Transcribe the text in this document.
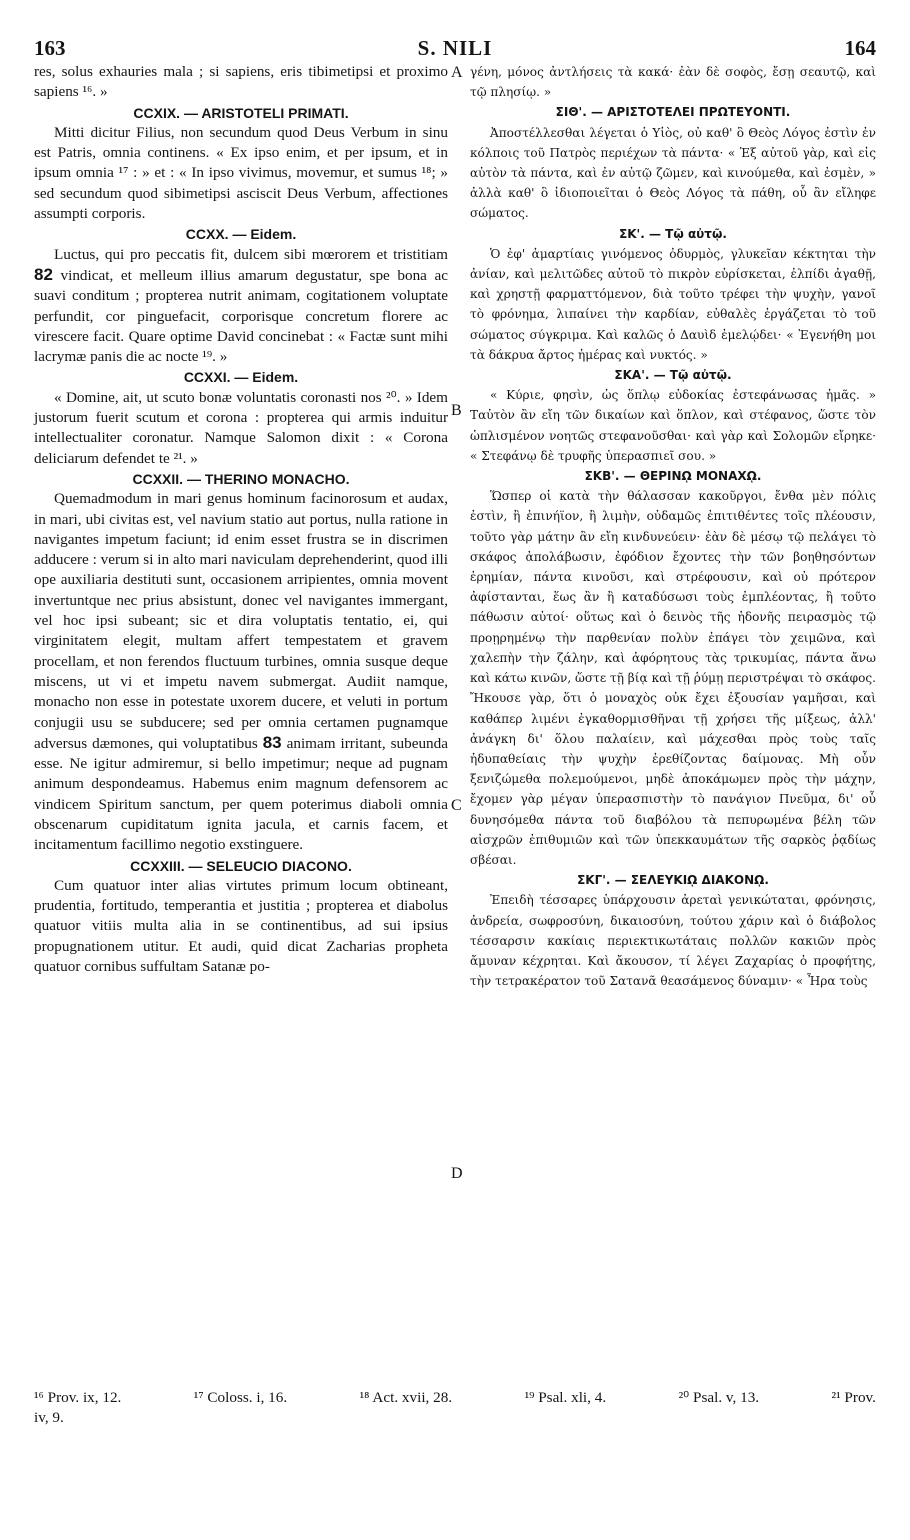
163	S. NILI	164

res, solus exhauries mala ; si sapiens, eris tibimetipsi et proximo sapiens ¹⁶. »

CCXIX. — ARISTOTELI PRIMATI.

Mitti dicitur Filius, non secundum quod Deus Verbum in sinu est Patris, omnia continens. « Ex ipso enim, et per ipsum, et in ipsum omnia ¹⁷ : » et : « In ipso vivimus, movemur, et sumus ¹⁸; » sed secundum quod sibimetipsi asciscit Deus Verbum, affectiones assumpti corporis.

CCXX. — Eidem.

Luctus, qui pro peccatis fit, dulcem sibi mœrorem et tristitiam 82 vindicat, et melleum illius amarum degustatur, spe bona ac suavi conditum ; propterea nutrit animam, cogitationem voluptate perfundit, cor pinguefacit, corporisque concretum florere ac virescere facit. Quare optime David concinebat : « Factæ sunt mihi lacrymæ panis die ac nocte ¹⁹. »

CCXXI. — Eidem.

« Domine, ait, ut scuto bonæ voluntatis coronasti nos ²⁰. » Idem justorum fuerit scutum et corona : propterea qui armis induitur intellectualiter coronatur. Namque Salomon dixit : « Corona deliciarum defendet te ²¹. »

CCXXII. — THERINO MONACHO.

Quemadmodum in mari genus hominum facinorosum et audax, in mari, ubi civitas est, vel navium statio aut portus, nulla ratione in navigantes impetum faciunt; id enim esset frustra se in discrimen adducere : verum si in alto mari naviculam deprehenderint, quod illi ope auxiliaria destituti sunt, occasionem arripientes, omnia movent invertuntque nec prius absistunt, donec vel navigantes immergant, vel hoc ipsi subeant; sic et dira voluptatis tentatio, ei, qui virginitatem elegit, multam affert tempestatem et gravem procellam, et non ferendos fluctuum turbines, omnia susque deque miscens, ut vi et impetu navem submergat. Audiit namque, monacho non esse in potestate uxorem ducere, et veluti in portum conjugii usu se subducere; sed per omnia certamen pugnamque adversus dæmones, qui voluptatibus 83 animam irritant, subeunda esse. Ne igitur admiremur, si bello impetimur; neque ad pugnam animum despondeamus. Habemus enim magnum defensorem ac vindicem Spiritum sanctum, per quem poterimus diaboli omnia obscenarum cupiditatum ignita jacula, et carnis facem, et incitamentum facillimo negotio exstinguere.

CCXXIII. — SELEUCIO DIACONO.

Cum quatuor inter alias virtutes primum locum obtineant, prudentia, fortitudo, temperantia et justitia ; propterea et diabolus quatuor vitiis multa alia in se continentibus, ad sui ipsius propugnationem utitur. Et audi, quid dicat Zacharias propheta quatuor cornibus suffultam Satanæ po-

γένη, μόνος ἀντλήσεις τὰ κακά· ἐὰν δὲ σοφὸς, ἔσῃ σεαυτῷ, καὶ τῷ πλησίῳ. »

ΣΙΘ'. — ΑΡΙΣΤΟΤΕΛΕΙ ΠΡΩΤΕΥΟΝΤΙ.

Ἀποστέλλεσθαι λέγεται ὁ Υἱὸς, οὐ καθ' ὃ Θεὸς Λόγος ἐστὶν ἐν κόλποις τοῦ Πατρὸς περιέχων τὰ πάντα· « Ἐξ αὐτοῦ γὰρ, καὶ εἰς αὐτὸν τὰ πάντα, καὶ ἐν αὐτῷ ζῶμεν, καὶ κινούμεθα, καὶ ἐσμὲν, » ἀλλὰ καθ' ὃ ἰδιοποιεῖται ὁ Θεὸς Λόγος τὰ πάθη, οὗ ἂν εἴληφε σώματος.

ΣΚ'. — Τῷ αὐτῷ.

Ὁ ἐφ' ἁμαρτίαις γινόμενος ὀδυρμὸς, γλυκεῖαν κέκτηται τὴν ἀνίαν, καὶ μελιτῶδες αὐτοῦ τὸ πικρὸν εὑρίσκεται, ἐλπίδι ἀγαθῇ, καὶ χρηστῇ φαρματτόμενον, διὰ τοῦτο τρέφει τὴν ψυχὴν, γανοῖ τὸ φρόνημα, λιπαίνει τὴν καρδίαν, εὐθαλὲς ἐργάζεται τὸ τοῦ σώματος σύγκριμα. Καὶ καλῶς ὁ Δαυὶδ ἐμελῴδει· « Ἐγενήθη μοι τὰ δάκρυα ἄρτος ἡμέρας καὶ νυκτός. »

ΣΚΑ'. — Τῷ αὐτῷ.

« Κύριε, φησὶν, ὡς ὅπλῳ εὐδοκίας ἐστεφάνωσας ἡμᾶς. » Ταὐτὸν ἂν εἴη τῶν δικαίων καὶ ὅπλον, καὶ στέφανος, ὥστε τὸν ὡπλισμένον νοητῶς στεφανοῦσθαι· καὶ γὰρ καὶ Σολομῶν εἴρηκε· « Στεφάνῳ δὲ τρυφῆς ὑπερασπιεῖ σου. »

ΣΚΒ'. — ΘΕΡΙΝῼ ΜΟΝΑΧῼ.

Ὥσπερ οἱ κατὰ τὴν θάλασσαν κακοῦργοι, ἔνθα μὲν πόλις ἐστὶν, ἢ ἐπινήϊον, ἢ λιμὴν, οὐδαμῶς ἐπιτιθέντες τοῖς πλέουσιν, τοῦτο γὰρ μάτην ἂν εἴη κινδυνεύειν· ἐὰν δὲ μέσῳ τῷ πελάγει τὸ σκάφος ἀπολάβωσιν, ἐφόδιον ἔχοντες τὴν τῶν βοηθησόντων ἐρημίαν, πάντα κινοῦσι, καὶ στρέφουσιν, καὶ οὐ πρότερον ἀφίστανται, ἕως ἂν ἢ καταδύσωσι τοὺς ἐμπλέοντας, ἢ τοῦτο πάθωσιν αὐτοί· οὕτως καὶ ὁ δεινὸς τῆς ἡδονῆς πειρασμὸς τῷ προῃρημένῳ τὴν παρθενίαν πολὺν ἐπάγει τὸν χειμῶνα, καὶ χαλεπὴν τὴν ζάλην, καὶ ἀφόρητους τὰς τρικυμίας, πάντα ἄνω καὶ κάτω κινῶν, ὥστε τῇ βίᾳ καὶ τῇ ῥύμῃ περιστρέψαι τὸ σκάφος. Ἤκουσε γὰρ, ὅτι ὁ μοναχὸς οὐκ ἔχει ἐξουσίαν γαμῆσαι, καὶ καθάπερ λιμένι ἐγκαθορμισθῆναι τῇ χρήσει τῆς μίξεως, ἀλλ' ἀνάγκη δι' ὅλου παλαίειν, καὶ μάχεσθαι πρὸς τοὺς ταῖς ἡδυπαθείαις τὴν ψυχὴν ἐρεθίζοντας δαίμονας. Μὴ οὖν ξενιζώμεθα πολεμούμενοι, μηδὲ ἀποκάμωμεν πρὸς τὴν μάχην, ἔχομεν γὰρ μέγαν ὑπερασπιστὴν τὸ πανάγιον Πνεῦμα, δι' οὗ δυνησόμεθα πάντα τοῦ διαβόλου τὰ πεπυρωμένα βέλη τῶν αἰσχρῶν ἐπιθυμιῶν καὶ τῶν ὑπεκκαυμάτων τῆς σαρκὸς ῥᾳδίως σβέσαι.

ΣΚΓ'. — ΣΕΛΕΥΚΙῼ ΔΙΑΚΟΝῼ.

Ἐπειδὴ τέσσαρες ὑπάρχουσιν ἀρεταὶ γενικώταται, φρόνησις, ἀνδρεία, σωφροσύνη, δικαιοσύνη, τούτου χάριν καὶ ὁ διάβολος τέσσαρσιν κακίαις περιεκτικωτάταις πολλῶν κακιῶν πρὸς ἄμυναν κέχρηται. Καὶ ἄκουσον, τί λέγει Ζαχαρίας ὁ προφήτης, τὴν τετρακέρατον τοῦ Σατανᾶ θεασάμενος δύναμιν· « Ἦρα τοὺς

A
B
C
D
¹⁶ Prov. ix, 12.	¹⁷ Coloss. i, 16.	¹⁸ Act. xvii, 28.	¹⁹ Psal. xli, 4.	²⁰ Psal. v, 13.	²¹ Prov.
iv, 9.
